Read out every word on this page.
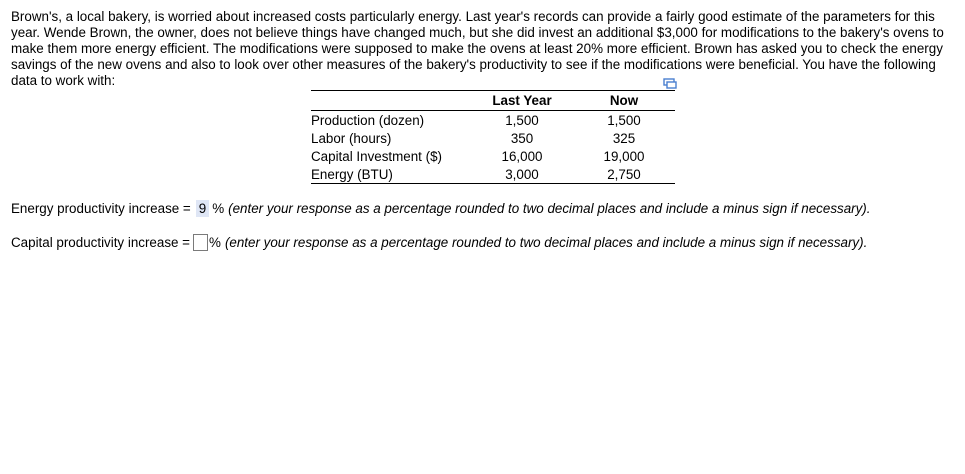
Brown's, a local bakery, is worried about increased costs particularly energy. Last year's records can provide a fairly good estimate of the parameters for this year. Wende Brown, the owner, does not believe things have changed much, but she did invest an additional $3,000 for modifications to the bakery's ovens to make them more energy efficient. The modifications were supposed to make the ovens at least 20% more efficient. Brown has asked you to check the energy savings of the new ovens and also to look over other measures of the bakery's productivity to see if the modifications were beneficial. You have the following data to work with:
	Last Year	Now
Production (dozen)	1,500	1,500
Labor (hours)	350	325
Capital Investment ($)	16,000	19,000
Energy (BTU)	3,000	2,750
Energy productivity increase = 9 % (enter your response as a percentage rounded to two decimal places and include a minus sign if necessary).
Capital productivity increase = % (enter your response as a percentage rounded to two decimal places and include a minus sign if necessary).
